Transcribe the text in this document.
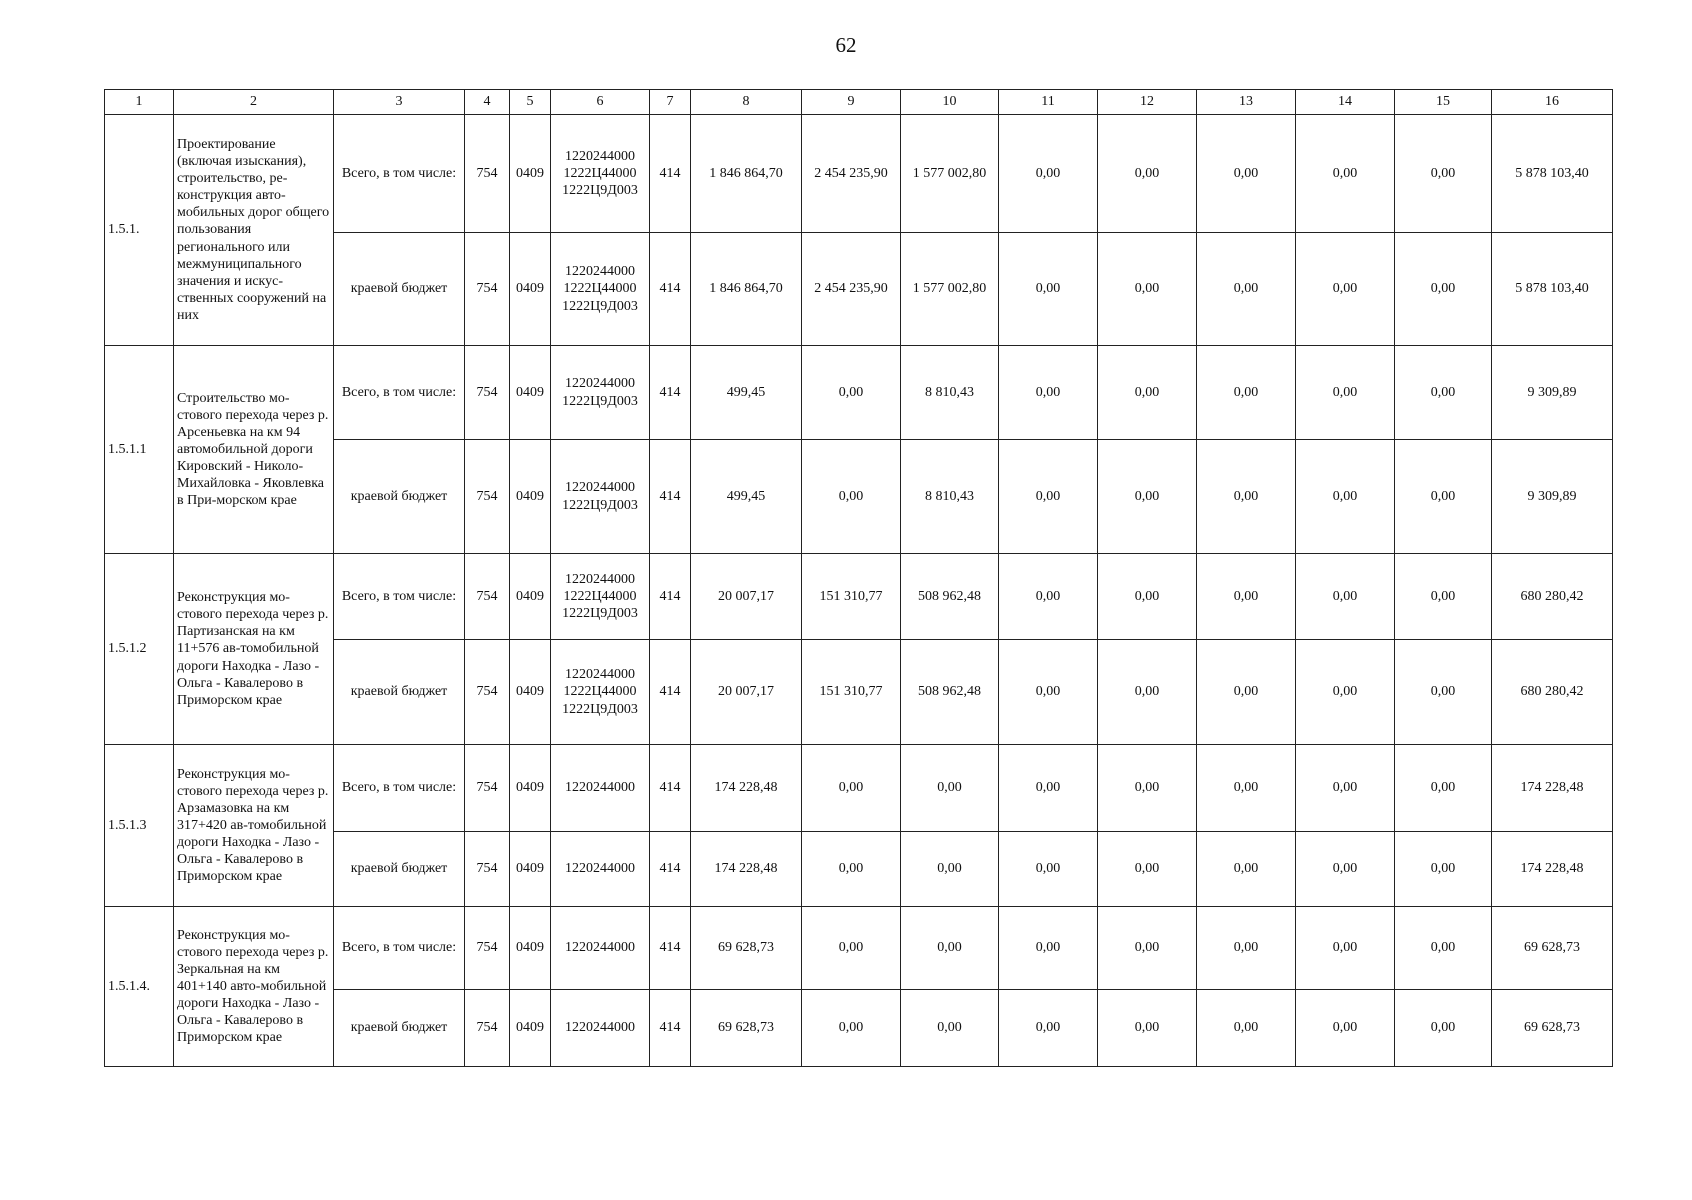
62
1	2	3	4	5	6	7	8	9	10	11	12	13	14	15	16
1.5.1.	Проектирование (включая изыскания), строительство, ре-конструкция авто-мобильных дорог общего пользования регионального или межмуниципального значения и искус-ственных сооружений на них	Всего, в том числе:	754	0409	1220244000
1222Ц44000
1222Ц9Д003	414	1 846 864,70	2 454 235,90	1 577 002,80	0,00	0,00	0,00	0,00	0,00	5 878 103,40
		краевой бюджет	754	0409	1220244000
1222Ц44000
1222Ц9Д003	414	1 846 864,70	2 454 235,90	1 577 002,80	0,00	0,00	0,00	0,00	0,00	5 878 103,40
1.5.1.1	Строительство мо-стового перехода через р. Арсеньевка на км 94 автомобильной дороги Кировский - Николо-Михайловка - Яковлевка в При-морском крае	Всего, в том числе:	754	0409	1220244000
1222Ц9Д003	414	499,45	0,00	8 810,43	0,00	0,00	0,00	0,00	0,00	9 309,89
		краевой бюджет	754	0409	1220244000
1222Ц9Д003	414	499,45	0,00	8 810,43	0,00	0,00	0,00	0,00	0,00	9 309,89
1.5.1.2	Реконструкция мо-стового перехода через р. Партизанская на км 11+576 ав-томобильной дороги Находка - Лазо - Ольга - Кавалерово в Приморском крае	Всего, в том числе:	754	0409	1220244000
1222Ц44000
1222Ц9Д003	414	20 007,17	151 310,77	508 962,48	0,00	0,00	0,00	0,00	0,00	680 280,42
		краевой бюджет	754	0409	1220244000
1222Ц44000
1222Ц9Д003	414	20 007,17	151 310,77	508 962,48	0,00	0,00	0,00	0,00	0,00	680 280,42
1.5.1.3	Реконструкция мо-стового перехода через р. Арзамазовка на км 317+420 ав-томобильной дороги Находка - Лазо - Ольга - Кавалерово в Приморском крае	Всего, в том числе:	754	0409	1220244000	414	174 228,48	0,00	0,00	0,00	0,00	0,00	0,00	0,00	174 228,48
		краевой бюджет	754	0409	1220244000	414	174 228,48	0,00	0,00	0,00	0,00	0,00	0,00	0,00	174 228,48
1.5.1.4.	Реконструкция мо-стового перехода через р. Зеркальная на км 401+140 авто-мобильной дороги Находка - Лазо - Ольга - Кавалерово в Приморском крае	Всего, в том числе:	754	0409	1220244000	414	69 628,73	0,00	0,00	0,00	0,00	0,00	0,00	0,00	69 628,73
		краевой бюджет	754	0409	1220244000	414	69 628,73	0,00	0,00	0,00	0,00	0,00	0,00	0,00	69 628,73
